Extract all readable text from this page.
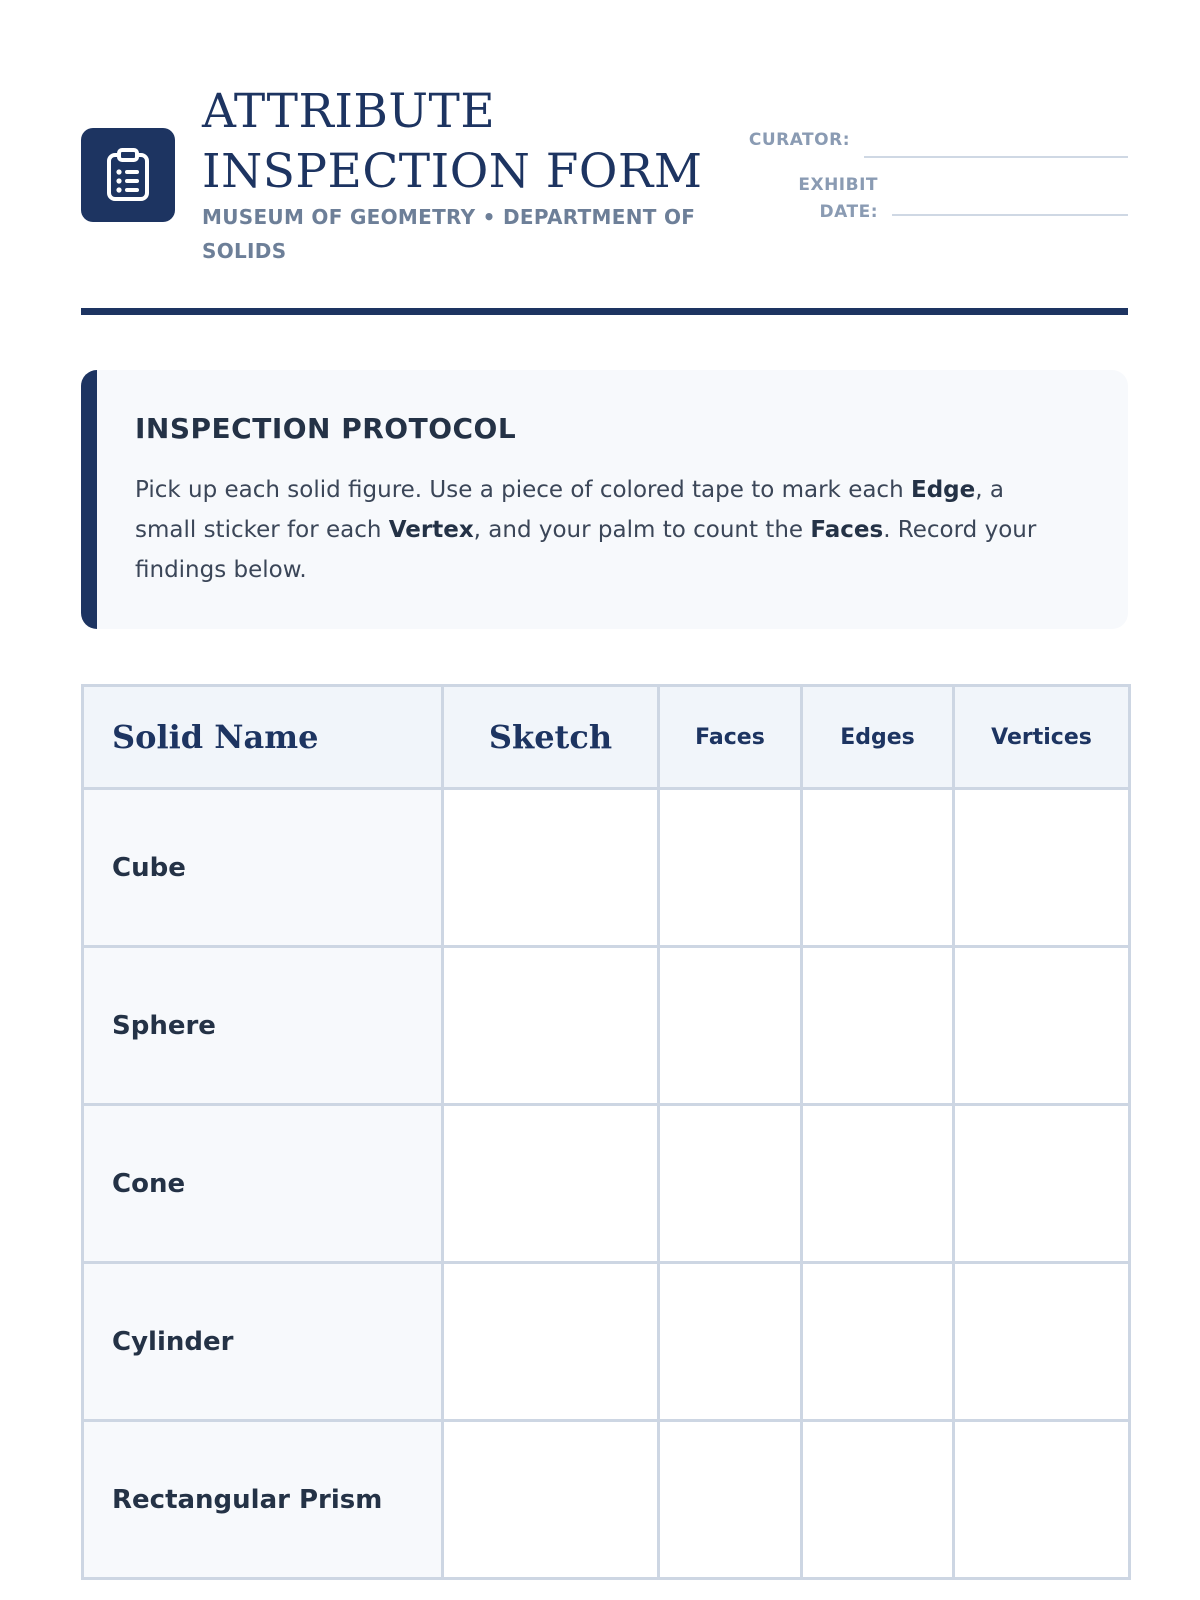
ATTRIBUTE
INSPECTION FORM
MUSEUM OF GEOMETRY • DEPARTMENT OF SOLIDS
CURATOR:
EXHIBIT
DATE:
INSPECTION PROTOCOL

Pick up each solid figure. Use a piece of colored tape to mark each Edge, a small sticker for each Vertex, and your palm to count the Faces. Record your findings below.

Solid Name	Sketch	Faces	Edges	Vertices
Cube				
Sphere				
Cone				
Cylinder				
Rectangular Prism				
